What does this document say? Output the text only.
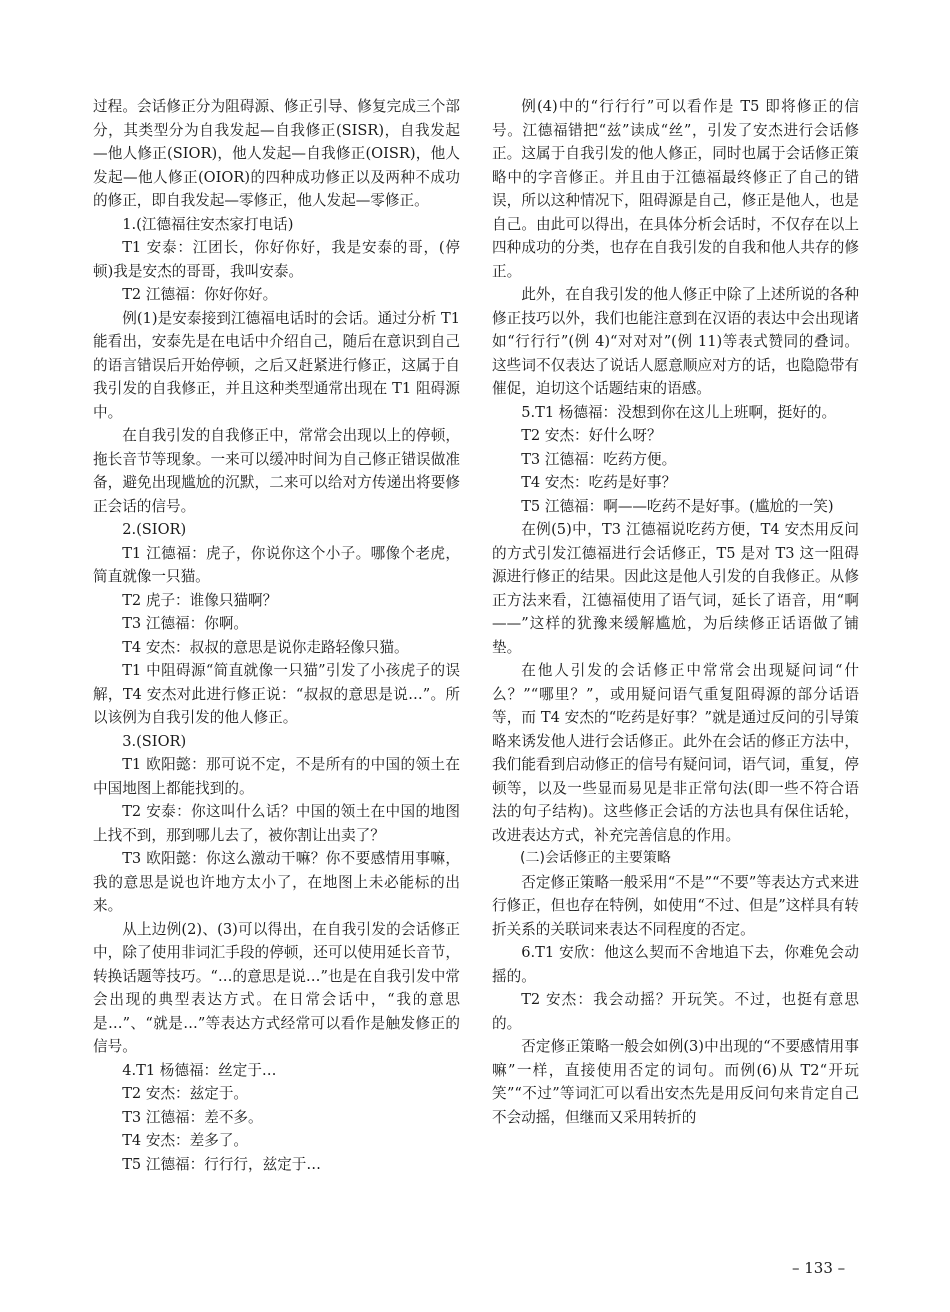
过程。会话修正分为阻碍源、修正引导、修复完成三个部分，其类型分为自我发起—自我修正(SISR)，自我发起—他人修正(SIOR)，他人发起—自我修正(OISR)，他人发起—他人修正(OIOR)的四种成功修正以及两种不成功的修正，即自我发起—零修正，他人发起—零修正。

1.(江德福往安杰家打电话)

T1 安泰：江团长，你好你好，我是安泰的哥，(停顿)我是安杰的哥哥，我叫安泰。

T2 江德福：你好你好。

例(1)是安泰接到江德福电话时的会话。通过分析 T1 能看出，安泰先是在电话中介绍自己，随后在意识到自己的语言错误后开始停顿，之后又赶紧进行修正，这属于自我引发的自我修正，并且这种类型通常出现在 T1 阻碍源中。

在自我引发的自我修正中，常常会出现以上的停顿，拖长音节等现象。一来可以缓冲时间为自己修正错误做准备，避免出现尴尬的沉默，二来可以给对方传递出将要修正会话的信号。

2.(SIOR)

T1 江德福：虎子，你说你这个小子。哪像个老虎，简直就像一只猫。

T2 虎子：谁像只猫啊？

T3 江德福：你啊。

T4 安杰：叔叔的意思是说你走路轻像只猫。

T1 中阻碍源“简直就像一只猫”引发了小孩虎子的误解，T4 安杰对此进行修正说：“叔叔的意思是说…”。所以该例为自我引发的他人修正。

3.(SIOR)

T1 欧阳懿：那可说不定，不是所有的中国的领土在中国地图上都能找到的。

T2 安泰：你这叫什么话？中国的领土在中国的地图上找不到，那到哪儿去了，被你割让出卖了？

T3 欧阳懿：你这么激动干嘛？你不要感情用事嘛，我的意思是说也许地方太小了，在地图上未必能标的出来。

从上边例(2)、(3)可以得出，在自我引发的会话修正中，除了使用非词汇手段的停顿，还可以使用延长音节，转换话题等技巧。“…的意思是说…”也是在自我引发中常会出现的典型表达方式。在日常会话中，“我的意思是…”、“就是…”等表达方式经常可以看作是触发修正的信号。

4.T1 杨德福：丝定于…

T2 安杰：兹定于。

T3 江德福：差不多。

T4 安杰：差多了。

T5 江德福：行行行，兹定于…

例(4)中的“行行行”可以看作是 T5 即将修正的信号。江德福错把“兹”读成“丝”，引发了安杰进行会话修正。这属于自我引发的他人修正，同时也属于会话修正策略中的字音修正。并且由于江德福最终修正了自己的错误，所以这种情况下，阻碍源是自己，修正是他人，也是自己。由此可以得出，在具体分析会话时，不仅存在以上四种成功的分类，也存在自我引发的自我和他人共存的修正。

此外，在自我引发的他人修正中除了上述所说的各种修正技巧以外，我们也能注意到在汉语的表达中会出现诸如“行行行”(例 4)“对对对”(例 11)等表式赞同的叠词。这些词不仅表达了说话人愿意顺应对方的话，也隐隐带有催促，迫切这个话题结束的语感。

5.T1 杨德福：没想到你在这儿上班啊，挺好的。

T2 安杰：好什么呀？

T3 江德福：吃药方便。

T4 安杰：吃药是好事？

T5 江德福：啊——吃药不是好事。(尴尬的一笑)

在例(5)中，T3 江德福说吃药方便，T4 安杰用反问的方式引发江德福进行会话修正，T5 是对 T3 这一阻碍源进行修正的结果。因此这是他人引发的自我修正。从修正方法来看，江德福使用了语气词，延长了语音，用“啊——”这样的犹豫来缓解尴尬，为后续修正话语做了铺垫。

在他人引发的会话修正中常常会出现疑问词“什么？”“哪里？”，或用疑问语气重复阻碍源的部分话语等，而 T4 安杰的“吃药是好事？”就是通过反问的引导策略来诱发他人进行会话修正。此外在会话的修正方法中，我们能看到启动修正的信号有疑问词，语气词，重复，停顿等，以及一些显而易见是非正常句法(即一些不符合语法的句子结构)。这些修正会话的方法也具有保住话轮，改进表达方式，补充完善信息的作用。

(二)会话修正的主要策略

否定修正策略一般采用“不是”“不要”等表达方式来进行修正，但也存在特例，如使用“不过、但是”这样具有转折关系的关联词来表达不同程度的否定。

6.T1 安欣：他这么契而不舍地追下去，你难免会动摇的。

T2 安杰：我会动摇？开玩笑。不过，也挺有意思的。

否定修正策略一般会如例(3)中出现的“不要感情用事嘛”一样，直接使用否定的词句。而例(6)从 T2“开玩笑”“不过”等词汇可以看出安杰先是用反问句来肯定自己不会动摇，但继而又采用转折的

– 133 –
